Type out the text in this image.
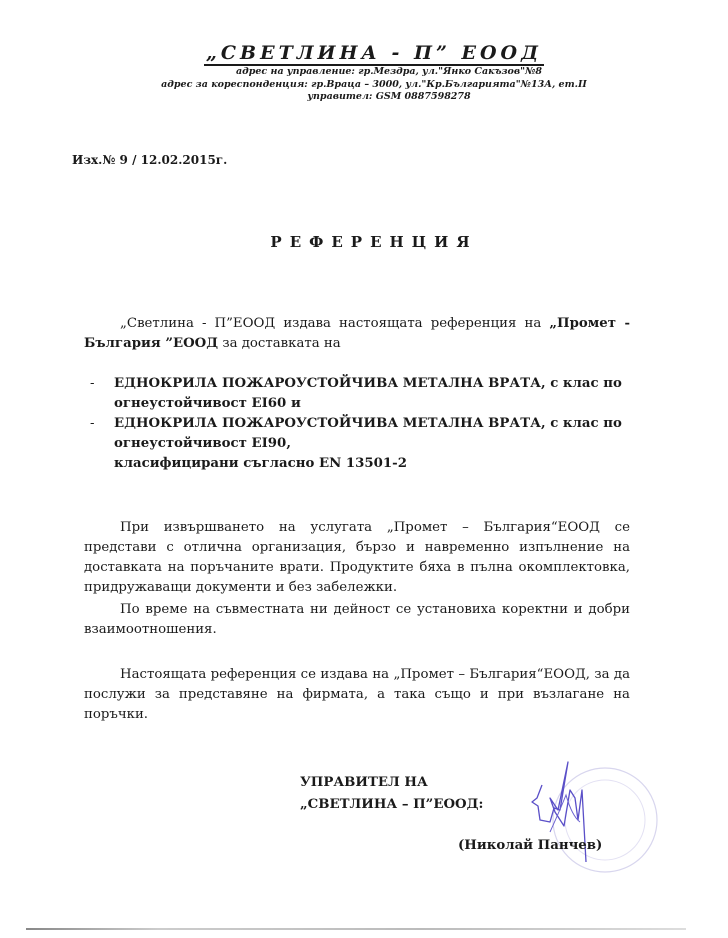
„СВЕТЛИНА - П” ЕООД
адрес на управление: гр.Мездра, ул."Янко Сакъзов"№8
адрес за кореспонденция: гр.Враца – 3000, ул."Кр.Българията"№13А, ет.II
управител: GSM 0887598278
Изх.№ 9 / 12.02.2015г.
РЕФЕРЕНЦИЯ
„Светлина - П”ЕООД издава настоящата референция на „Промет - България ”ЕООД за доставката на
- ЕДНОКРИЛА ПОЖАРОУСТОЙЧИВА МЕТАЛНА ВРАТА, с клас по огнеустойчивост EI60 и
- ЕДНОКРИЛА ПОЖАРОУСТОЙЧИВА МЕТАЛНА ВРАТА, с клас по огнеустойчивост EI90,
класифицирани съгласно EN 13501-2
При извършването на услугата „Промет – България“ЕООД се представи с отлична организация, бързо и навременно изпълнение на доставката на поръчаните врати. Продуктите бяха в пълна окомплектовка, придружаващи документи и без забележки.
По време на съвместната ни дейност се установиха коректни и добри взаимоотношения.
Настоящата референция се издава на „Промет – България“ЕООД, за да послужи за представяне на фирмата, а така също и при възлагане на поръчки.
УПРАВИТЕЛ НА
„СВЕТЛИНА – П”ЕООД:
(Николай Панчев)
